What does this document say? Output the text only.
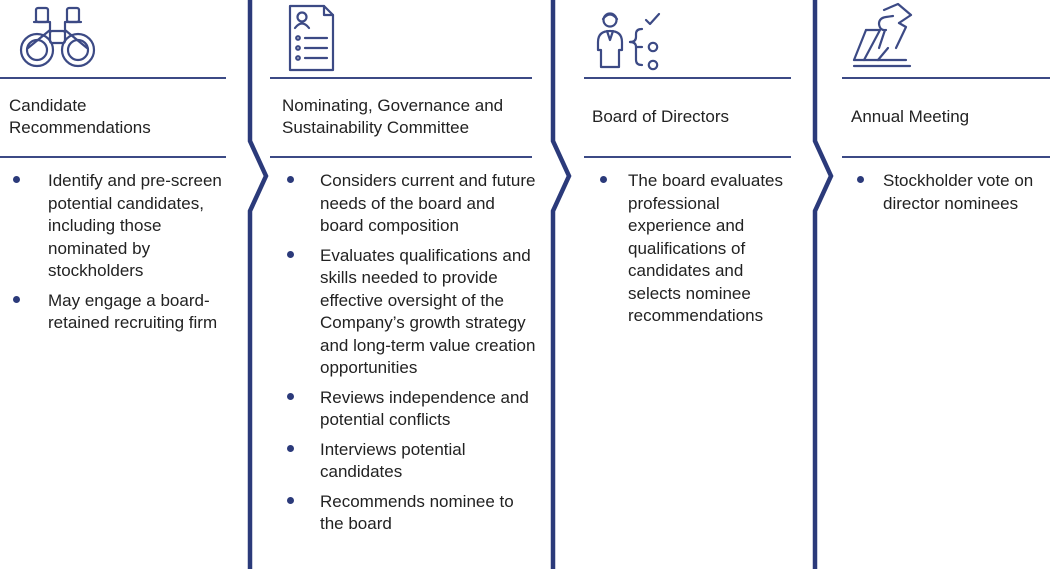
Candidate Recommendations
Identify and pre-screen potential candidates, including those nominated by stockholders
May engage a board-retained recruiting firm
Nominating, Governance and Sustainability Committee
Considers current and future needs of the board and board composition
Evaluates qualifications and skills needed to provide effective oversight of the Company’s growth strategy and long-term value creation opportunities
Reviews independence and potential conflicts
Interviews potential candidates
Recommends nominee to the board
Board of Directors
The board evaluates professional experience and qualifications of candidates and selects nominee recommendations
Annual Meeting
Stockholder vote on director nominees
